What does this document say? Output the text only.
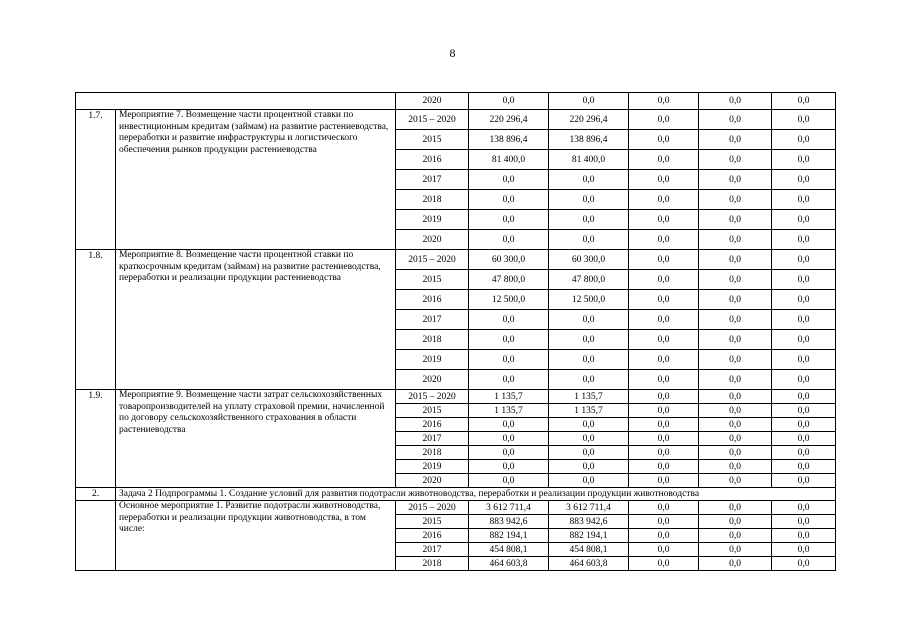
8
		2020	0,0	0,0	0,0	0,0	0,0
1.7.	Мероприятие 7. Возмещение части процентной ставки по инвестиционным кредитам (займам) на развитие растениеводства, переработки и развитие инфраструктуры и логистического обеспечения рынков продукции растениеводства	2015 – 2020	220 296,4	220 296,4	0,0	0,0	0,0
		2015	138 896,4	138 896,4	0,0	0,0	0,0
		2016	81 400,0	81 400,0	0,0	0,0	0,0
		2017	0,0	0,0	0,0	0,0	0,0
		2018	0,0	0,0	0,0	0,0	0,0
		2019	0,0	0,0	0,0	0,0	0,0
		2020	0,0	0,0	0,0	0,0	0,0
1.8.	Мероприятие 8. Возмещение части процентной ставки по краткосрочным кредитам (займам) на развитие растениеводства, переработки и реализации продукции растениеводства	2015 – 2020	60 300,0	60 300,0	0,0	0,0	0,0
		2015	47 800,0	47 800,0	0,0	0,0	0,0
		2016	12 500,0	12 500,0	0,0	0,0	0,0
		2017	0,0	0,0	0,0	0,0	0,0
		2018	0,0	0,0	0,0	0,0	0,0
		2019	0,0	0,0	0,0	0,0	0,0
		2020	0,0	0,0	0,0	0,0	0,0
1.9.	Мероприятие 9. Возмещение части затрат сельскохозяйственных товаропроизводителей на уплату страховой премии, начисленной по договору сельскохозяйственного страхования в области растениеводства	2015 – 2020	1 135,7	1 135,7	0,0	0,0	0,0
		2015	1 135,7	1 135,7	0,0	0,0	0,0
		2016	0,0	0,0	0,0	0,0	0,0
		2017	0,0	0,0	0,0	0,0	0,0
		2018	0,0	0,0	0,0	0,0	0,0
		2019	0,0	0,0	0,0	0,0	0,0
		2020	0,0	0,0	0,0	0,0	0,0
2.	Задача 2 Подпрограммы 1. Создание условий для развития подотрасли животноводства, переработки и реализации продукции животноводства						
	Основное мероприятие 1. Развитие подотрасли животноводства, переработки и реализации продукции животноводства, в том числе:	2015 – 2020	3 612 711,4	3 612 711,4	0,0	0,0	0,0
		2015	883 942,6	883 942,6	0,0	0,0	0,0
		2016	882 194,1	882 194,1	0,0	0,0	0,0
		2017	454 808,1	454 808,1	0,0	0,0	0,0
		2018	464 603,8	464 603,8	0,0	0,0	0,0
